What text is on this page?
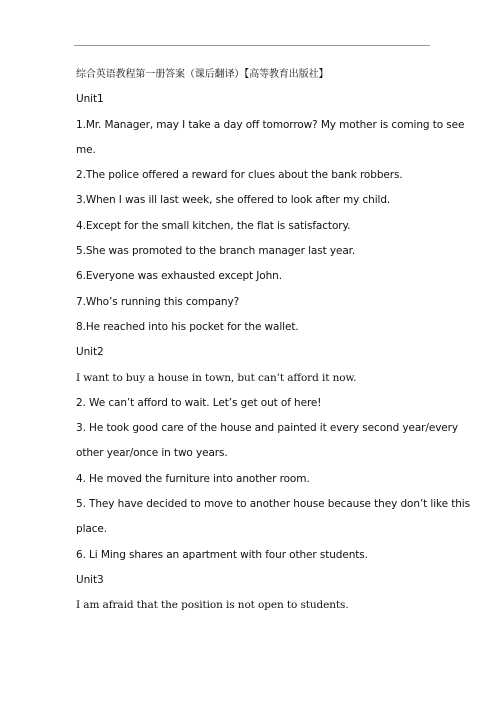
综合英语教程第一册答案（课后翻译）【高等教育出版社】
Unit1
1.Mr. Manager, may I take a day off tomorrow? My mother is coming to see
me.
2.The police offered a reward for clues about the bank robbers.
3.When I was ill last week, she offered to look after my child.
4.Except for the small kitchen, the flat is satisfactory.
5.She was promoted to the branch manager last year.
6.Everyone was exhausted except John.
7.Who’s running this company?
8.He reached into his pocket for the wallet.
Unit2
I want to buy a house in town, but can’t afford it now.
2. We can’t afford to wait. Let’s get out of here!
3. He took good care of the house and painted it every second year/every
other year/once in two years.
4. He moved the furniture into another room.
5. They have decided to move to another house because they don’t like this
place.
6. Li Ming shares an apartment with four other students.
Unit3
I am afraid that the position is not open to students.
